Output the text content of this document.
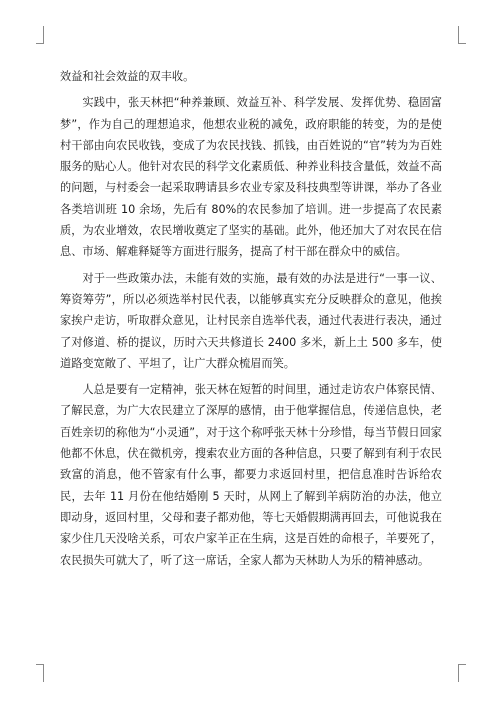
效益和社会效益的双丰收。

实践中，张天林把“种养兼顾、效益互补、科学发展、发挥优势、稳固富梦”，作为自己的理想追求，他想农业税的减免，政府职能的转变，为的是使村干部由向农民收钱，变成了为农民找钱、抓钱，由百姓说的“官”转为为百姓服务的贴心人。他针对农民的科学文化素质低、种养业科技含量低，效益不高的问题，与村委会一起采取聘请县乡农业专家及科技典型等讲课，举办了各业各类培训班 10 余场，先后有 80%的农民参加了培训。进一步提高了农民素质，为农业增效，农民增收奠定了坚实的基础。此外，他还加大了对农民在信息、市场、解难释疑等方面进行服务，提高了村干部在群众中的威信。

对于一些政策办法，未能有效的实施，最有效的办法是进行“一事一议、筹资筹劳”，所以必须选举村民代表，以能够真实充分反映群众的意见，他挨家挨户走访，听取群众意见，让村民亲自选举代表，通过代表进行表决，通过了对修道、桥的提议，历时六天共修道长 2400 多米，新上土 500 多车，使道路变宽敞了、平坦了，让广大群众梳眉而笑。

人总是要有一定精神，张天林在短暂的时间里，通过走访农户体察民情、了解民意，为广大农民建立了深厚的感情，由于他掌握信息，传递信息快，老百姓亲切的称他为“小灵通”，对于这个称呼张天林十分珍惜，每当节假日回家他都不休息，伏在微机旁，搜索农业方面的各种信息，只要了解到有利于农民致富的消息，他不管家有什么事，都要力求返回村里，把信息准时告诉给农民，去年 11 月份在他结婚刚 5 天时，从网上了解到羊病防治的办法，他立即动身，返回村里，父母和妻子都劝他，等七天婚假期满再回去，可他说我在家少住几天没啥关系，可农户家羊正在生病，这是百姓的命根子，羊要死了，农民损失可就大了，听了这一席话，全家人都为天林助人为乐的精神感动。
